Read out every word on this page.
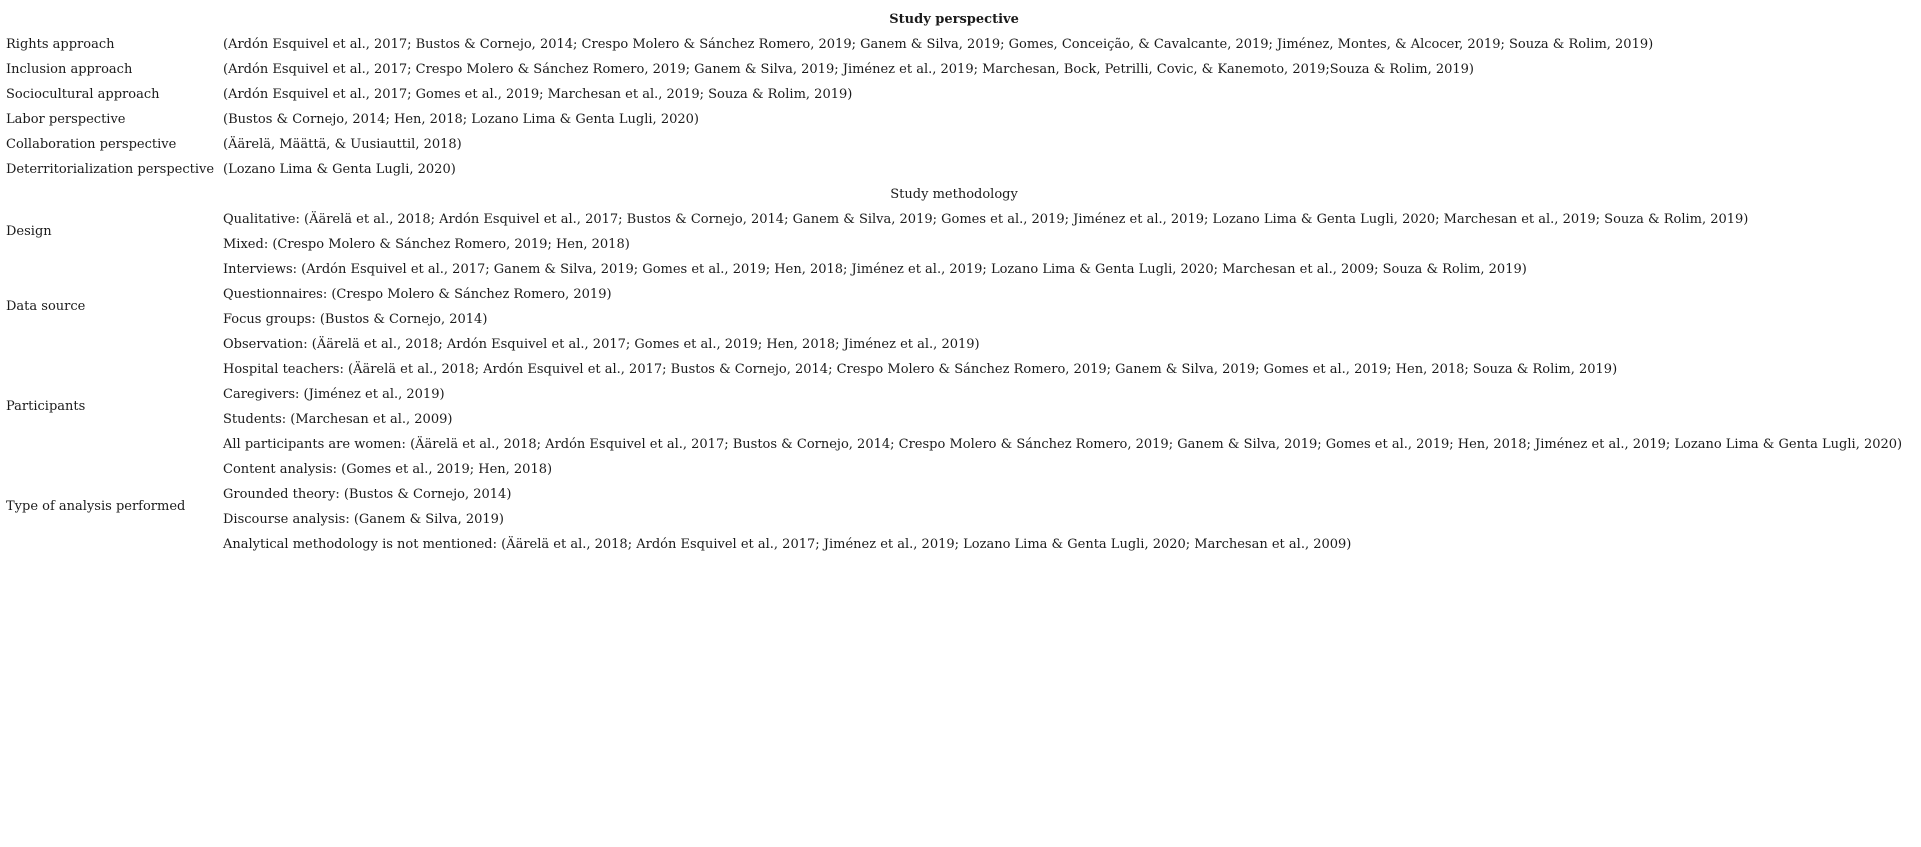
Study perspective	
Rights approach	(Ardón Esquivel et al., 2017; Bustos & Cornejo, 2014; Crespo Molero & Sánchez Romero, 2019; Ganem & Silva, 2019; Gomes, Conceição, & Cavalcante, 2019; Jiménez, Montes, & Alcocer, 2019; Souza & Rolim, 2019)
Inclusion approach	(Ardón Esquivel et al., 2017; Crespo Molero & Sánchez Romero, 2019; Ganem & Silva, 2019; Jiménez et al., 2019; Marchesan, Bock, Petrilli, Covic, & Kanemoto, 2019;Souza & Rolim, 2019)
Sociocultural approach	(Ardón Esquivel et al., 2017; Gomes et al., 2019; Marchesan et al., 2019; Souza & Rolim, 2019)
Labor perspective	(Bustos & Cornejo, 2014; Hen, 2018; Lozano Lima & Genta Lugli, 2020)
Collaboration perspective	(Äärelä, Määttä, & Uusiauttil, 2018)
Deterritorialization perspective	(Lozano Lima & Genta Lugli, 2020)
Study methodology	
Design	Qualitative: (Äärelä et al., 2018; Ardón Esquivel et al., 2017; Bustos & Cornejo, 2014; Ganem & Silva, 2019; Gomes et al., 2019; Jiménez et al., 2019; Lozano Lima & Genta Lugli, 2020; Marchesan et al., 2019; Souza & Rolim, 2019)
	Mixed: (Crespo Molero & Sánchez Romero, 2019; Hen, 2018)
Data source	Interviews: (Ardón Esquivel et al., 2017; Ganem & Silva, 2019; Gomes et al., 2019; Hen, 2018; Jiménez et al., 2019; Lozano Lima & Genta Lugli, 2020; Marchesan et al., 2009; Souza & Rolim, 2019)
	Questionnaires: (Crespo Molero & Sánchez Romero, 2019)
	Focus groups: (Bustos & Cornejo, 2014)
	Observation: (Äärelä et al., 2018; Ardón Esquivel et al., 2017; Gomes et al., 2019; Hen, 2018; Jiménez et al., 2019)
Participants	Hospital teachers: (Äärelä et al., 2018; Ardón Esquivel et al., 2017; Bustos & Cornejo, 2014; Crespo Molero & Sánchez Romero, 2019; Ganem & Silva, 2019; Gomes et al., 2019; Hen, 2018; Souza & Rolim, 2019)
	Caregivers: (Jiménez et al., 2019)
	Students: (Marchesan et al., 2009)
	All participants are women: (Äärelä et al., 2018; Ardón Esquivel et al., 2017; Bustos & Cornejo, 2014; Crespo Molero & Sánchez Romero, 2019; Ganem & Silva, 2019; Gomes et al., 2019; Hen, 2018; Jiménez et al., 2019; Lozano Lima & Genta Lugli, 2020)
Type of analysis performed	Content analysis: (Gomes et al., 2019; Hen, 2018)
	Grounded theory: (Bustos & Cornejo, 2014)
	Discourse analysis: (Ganem & Silva, 2019)
	Analytical methodology is not mentioned: (Äärelä et al., 2018; Ardón Esquivel et al., 2017; Jiménez et al., 2019; Lozano Lima & Genta Lugli, 2020; Marchesan et al., 2009)
